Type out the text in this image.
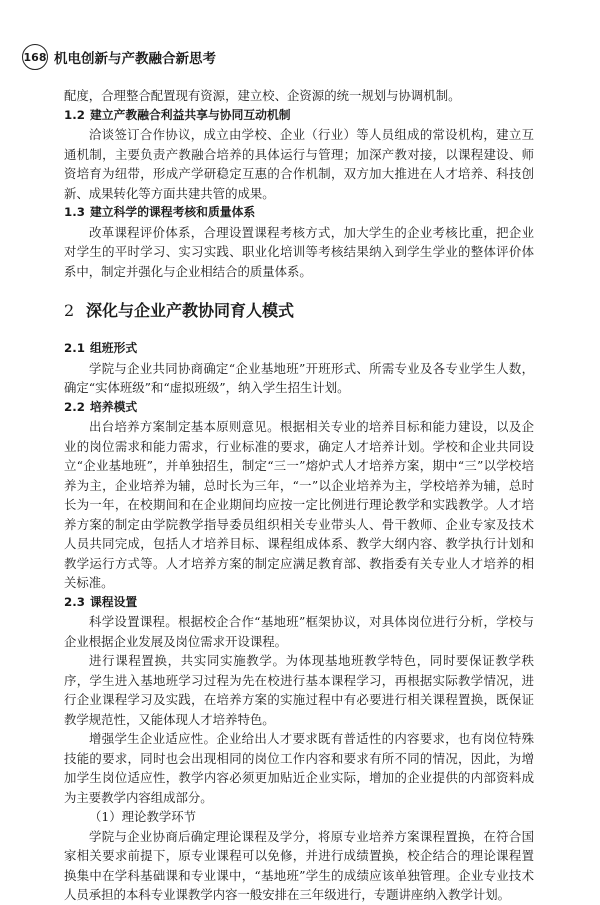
168 机电创新与产教融合新思考

配度，合理整合配置现有资源，建立校、企资源的统一规划与协调机制。

1.2 建立产教融合利益共享与协同互动机制

洽谈签订合作协议，成立由学校、企业（行业）等人员组成的常设机构，建立互通机制，主要负责产教融合培养的具体运行与管理；加深产教对接，以课程建设、师资培育为纽带，形成产学研稳定互惠的合作机制，双方加大推进在人才培养、科技创新、成果转化等方面共建共管的成果。

1.3 建立科学的课程考核和质量体系

改革课程评价体系，合理设置课程考核方式，加大学生的企业考核比重，把企业对学生的平时学习、实习实践、职业化培训等考核结果纳入到学生学业的整体评价体系中，制定并强化与企业相结合的质量体系。

2 深化与企业产教协同育人模式
2.1 组班形式

学院与企业共同协商确定“企业基地班”开班形式、所需专业及各专业学生人数，确定“实体班级”和“虚拟班级”，纳入学生招生计划。

2.2 培养模式

出台培养方案制定基本原则意见。根据相关专业的培养目标和能力建设，以及企业的岗位需求和能力需求，行业标准的要求，确定人才培养计划。学校和企业共同设立“企业基地班”，并单独招生，制定“三一”熔炉式人才培养方案，期中“三”以学校培养为主，企业培养为辅，总时长为三年，“一”以企业培养为主，学校培养为辅，总时长为一年，在校期间和在企业期间均应按一定比例进行理论教学和实践教学。人才培养方案的制定由学院教学指导委员组织相关专业带头人、骨干教师、企业专家及技术人员共同完成，包括人才培养目标、课程组成体系、教学大纲内容、教学执行计划和教学运行方式等。人才培养方案的制定应满足教育部、教指委有关专业人才培养的相关标准。

2.3 课程设置

科学设置课程。根据校企合作“基地班”框架协议，对具体岗位进行分析，学校与企业根据企业发展及岗位需求开设课程。

进行课程置换，共实同实施教学。为体现基地班教学特色，同时要保证教学秩序，学生进入基地班学习过程为先在校进行基本课程学习，再根据实际教学情况，进行企业课程学习及实践，在培养方案的实施过程中有必要进行相关课程置换，既保证教学规范性，又能体现人才培养特色。

增强学生企业适应性。企业给出人才要求既有普适性的内容要求，也有岗位特殊技能的要求，同时也会出现相同的岗位工作内容和要求有所不同的情况，因此，为增加学生岗位适应性，教学内容必须更加贴近企业实际，增加的企业提供的内部资料成为主要教学内容组成部分。

（1）理论教学环节

学院与企业协商后确定理论课程及学分，将原专业培养方案课程置换，在符合国家相关要求前提下，原专业课程可以免修，并进行成绩置换，校企结合的理论课程置换集中在学科基础课和专业课中，“基地班”学生的成绩应该单独管理。企业专业技术人员承担的本科专业课教学内容一般安排在三年级进行，专题讲座纳入教学计划。
